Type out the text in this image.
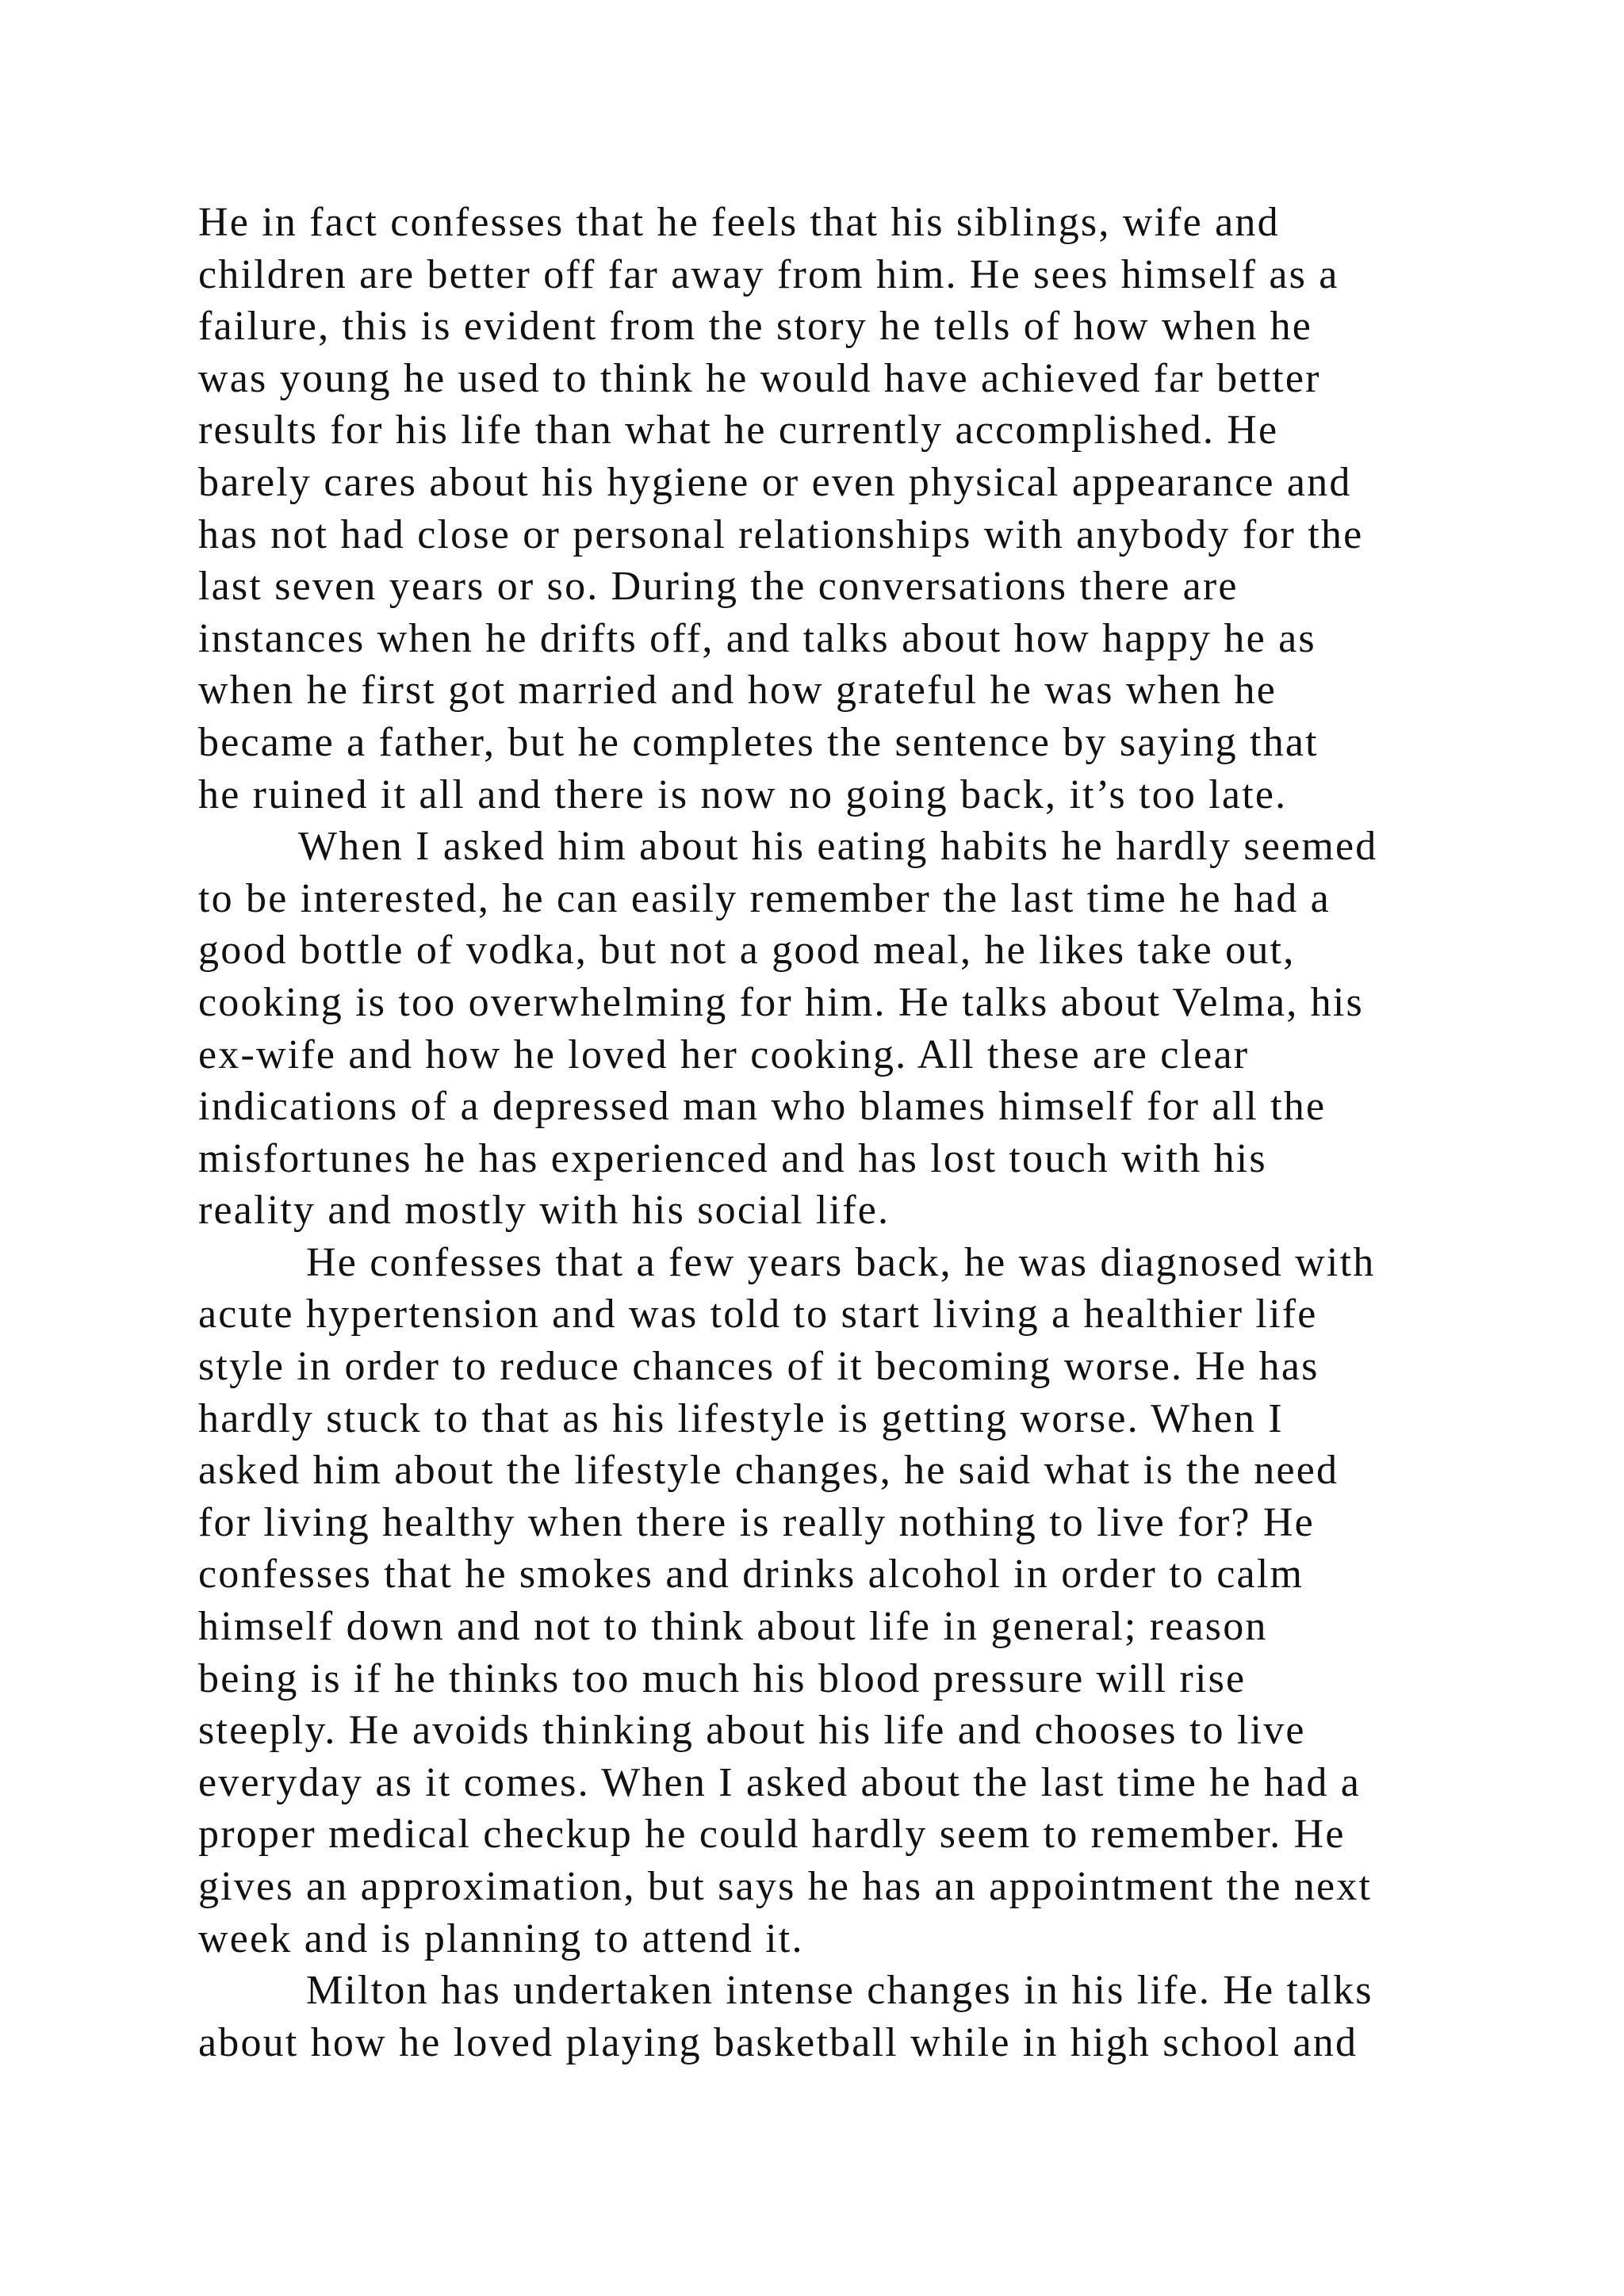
He in fact confesses that he feels that his siblings, wife and
children are better off far away from him. He sees himself as a
failure, this is evident from the story he tells of how when he
was young he used to think he would have achieved far better
results for his life than what he currently accomplished. He
barely cares about his hygiene or even physical appearance and
has not had close or personal relationships with anybody for the
last seven years or so. During the conversations there are
instances when he drifts off, and talks about how happy he as
when he first got married and how grateful he was when he
became a father, but he completes the sentence by saying that
he ruined it all and there is now no going back, it’s too late.
When I asked him about his eating habits he hardly seemed
to be interested, he can easily remember the last time he had a
good bottle of vodka, but not a good meal, he likes take out,
cooking is too overwhelming for him. He talks about Velma, his
ex-wife and how he loved her cooking. All these are clear
indications of a depressed man who blames himself for all the
misfortunes he has experienced and has lost touch with his
reality and mostly with his social life.
He confesses that a few years back, he was diagnosed with
acute hypertension and was told to start living a healthier life
style in order to reduce chances of it becoming worse. He has
hardly stuck to that as his lifestyle is getting worse. When I
asked him about the lifestyle changes, he said what is the need
for living healthy when there is really nothing to live for? He
confesses that he smokes and drinks alcohol in order to calm
himself down and not to think about life in general; reason
being is if he thinks too much his blood pressure will rise
steeply. He avoids thinking about his life and chooses to live
everyday as it comes. When I asked about the last time he had a
proper medical checkup he could hardly seem to remember. He
gives an approximation, but says he has an appointment the next
week and is planning to attend it.
Milton has undertaken intense changes in his life. He talks
about how he loved playing basketball while in high school and
